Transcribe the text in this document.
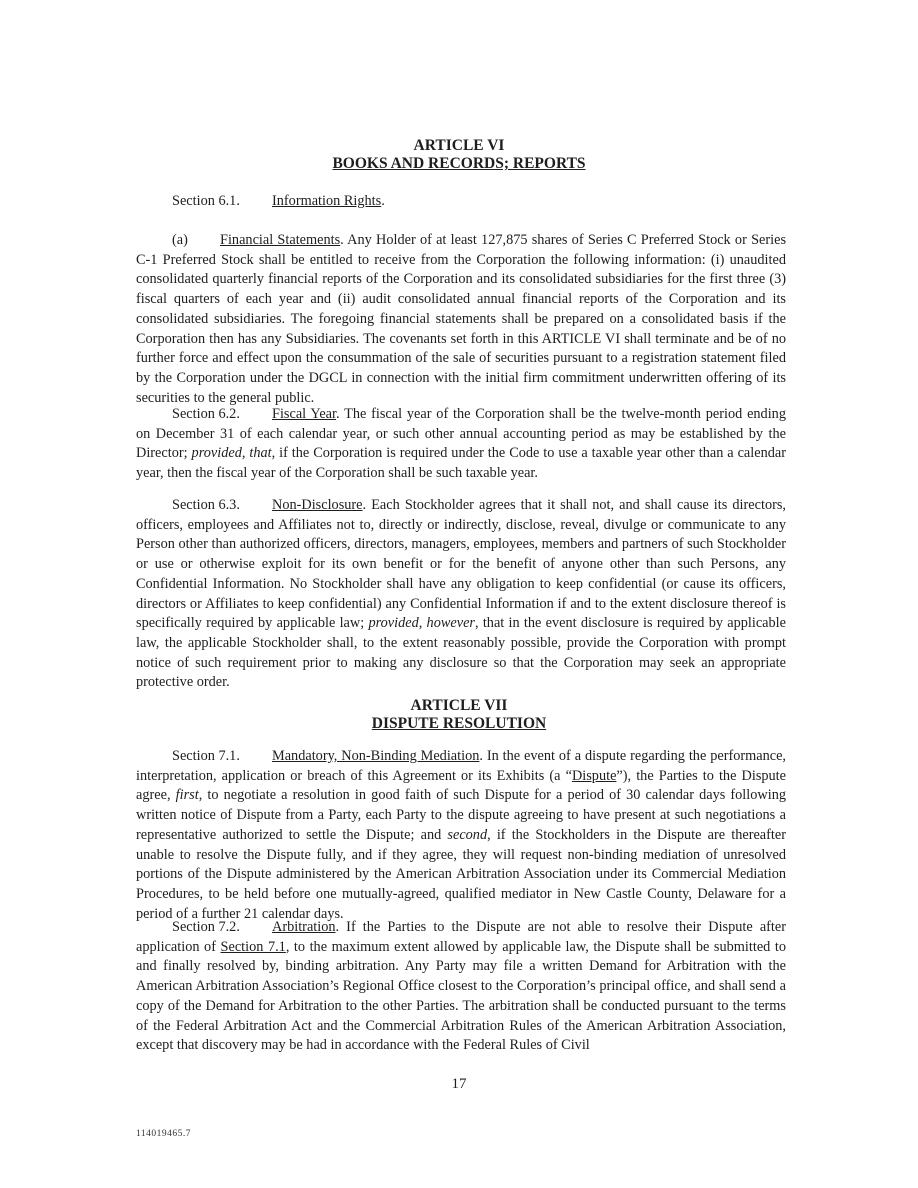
ARTICLE VI
BOOKS AND RECORDS; REPORTS
Section 6.1. Information Rights.
(a) Financial Statements. Any Holder of at least 127,875 shares of Series C Preferred Stock or Series C-1 Preferred Stock shall be entitled to receive from the Corporation the following information: (i) unaudited consolidated quarterly financial reports of the Corporation and its consolidated subsidiaries for the first three (3) fiscal quarters of each year and (ii) audit consolidated annual financial reports of the Corporation and its consolidated subsidiaries. The foregoing financial statements shall be prepared on a consolidated basis if the Corporation then has any Subsidiaries. The covenants set forth in this ARTICLE VI shall terminate and be of no further force and effect upon the consummation of the sale of securities pursuant to a registration statement filed by the Corporation under the DGCL in connection with the initial firm commitment underwritten offering of its securities to the general public.
Section 6.2. Fiscal Year. The fiscal year of the Corporation shall be the twelve-month period ending on December 31 of each calendar year, or such other annual accounting period as may be established by the Director; provided, that, if the Corporation is required under the Code to use a taxable year other than a calendar year, then the fiscal year of the Corporation shall be such taxable year.
Section 6.3. Non-Disclosure. Each Stockholder agrees that it shall not, and shall cause its directors, officers, employees and Affiliates not to, directly or indirectly, disclose, reveal, divulge or communicate to any Person other than authorized officers, directors, managers, employees, members and partners of such Stockholder or use or otherwise exploit for its own benefit or for the benefit of anyone other than such Persons, any Confidential Information. No Stockholder shall have any obligation to keep confidential (or cause its officers, directors or Affiliates to keep confidential) any Confidential Information if and to the extent disclosure thereof is specifically required by applicable law; provided, however, that in the event disclosure is required by applicable law, the applicable Stockholder shall, to the extent reasonably possible, provide the Corporation with prompt notice of such requirement prior to making any disclosure so that the Corporation may seek an appropriate protective order.
ARTICLE VII
DISPUTE RESOLUTION
Section 7.1. Mandatory, Non-Binding Mediation. In the event of a dispute regarding the performance, interpretation, application or breach of this Agreement or its Exhibits (a “Dispute”), the Parties to the Dispute agree, first, to negotiate a resolution in good faith of such Dispute for a period of 30 calendar days following written notice of Dispute from a Party, each Party to the dispute agreeing to have present at such negotiations a representative authorized to settle the Dispute; and second, if the Stockholders in the Dispute are thereafter unable to resolve the Dispute fully, and if they agree, they will request non-binding mediation of unresolved portions of the Dispute administered by the American Arbitration Association under its Commercial Mediation Procedures, to be held before one mutually-agreed, qualified mediator in New Castle County, Delaware for a period of a further 21 calendar days.
Section 7.2. Arbitration. If the Parties to the Dispute are not able to resolve their Dispute after application of Section 7.1, to the maximum extent allowed by applicable law, the Dispute shall be submitted to and finally resolved by, binding arbitration. Any Party may file a written Demand for Arbitration with the American Arbitration Association’s Regional Office closest to the Corporation’s principal office, and shall send a copy of the Demand for Arbitration to the other Parties. The arbitration shall be conducted pursuant to the terms of the Federal Arbitration Act and the Commercial Arbitration Rules of the American Arbitration Association, except that discovery may be had in accordance with the Federal Rules of Civil
17
114019465.7
